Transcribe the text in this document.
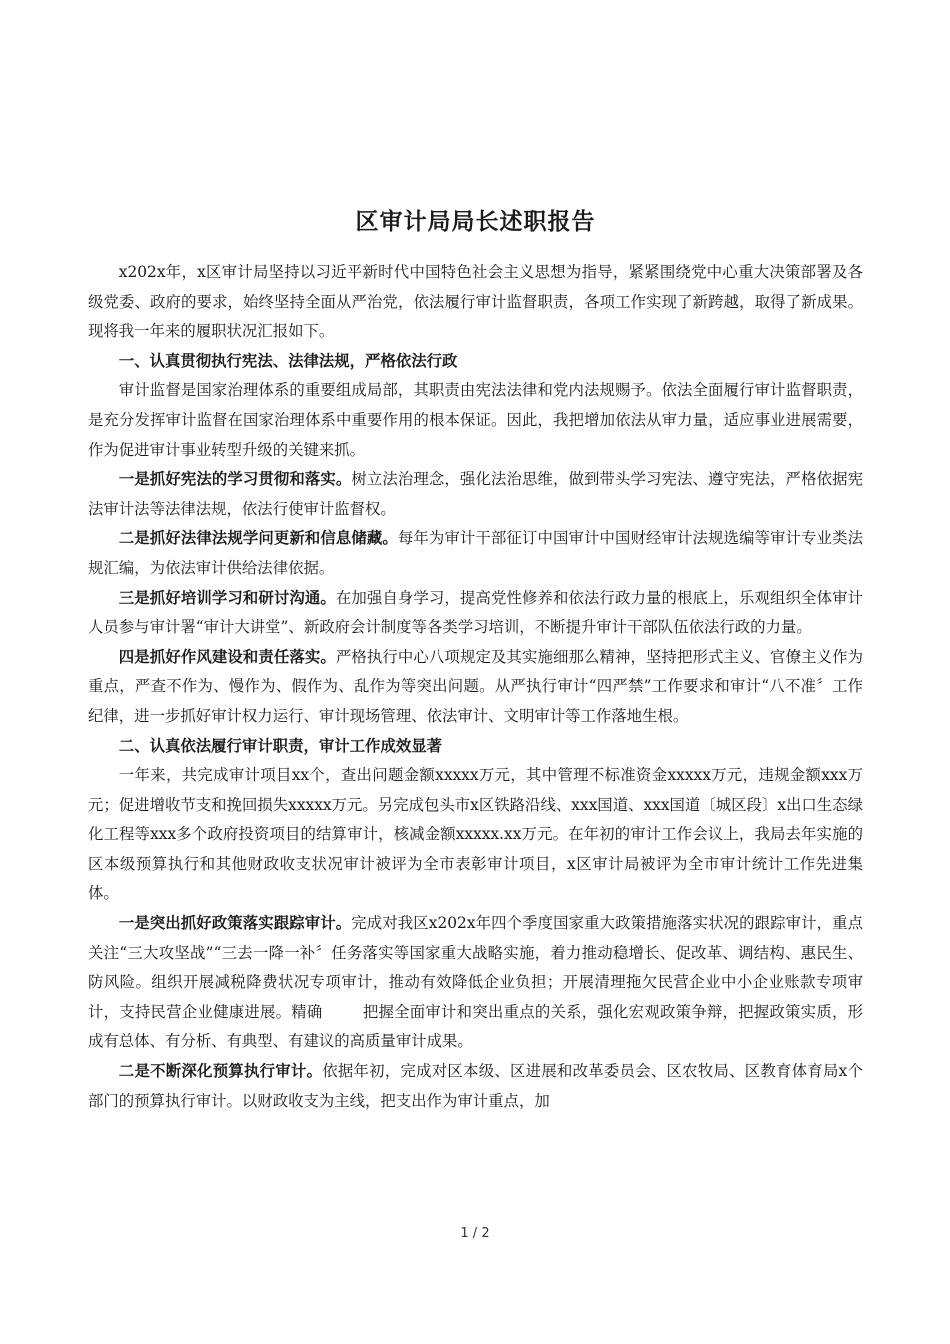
区审计局局长述职报告

x202x年，x区审计局坚持以习近平新时代中国特色社会主义思想为指导，紧紧围绕党中心重大决策部署及各级党委、政府的要求，始终坚持全面从严治党，依法履行审计监督职责，各项工作实现了新跨越，取得了新成果。现将我一年来的履职状况汇报如下。

一、认真贯彻执行宪法、法律法规，严格依法行政

审计监督是国家治理体系的重要组成局部，其职责由宪法法律和党内法规赐予。依法全面履行审计监督职责，是充分发挥审计监督在国家治理体系中重要作用的根本保证。因此，我把增加依法从审力量，适应事业进展需要，作为促进审计事业转型升级的关键来抓。

一是抓好宪法的学习贯彻和落实。树立法治理念，强化法治思维，做到带头学习宪法、遵守宪法，严格依据宪法审计法等法律法规，依法行使审计监督权。

二是抓好法律法规学问更新和信息储藏。每年为审计干部征订中国审计中国财经审计法规选编等审计专业类法规汇编，为依法审计供给法律依据。

三是抓好培训学习和研讨沟通。在加强自身学习，提高党性修养和依法行政力量的根底上，乐观组织全体审计人员参与审计署“审计大讲堂”、新政府会计制度等各类学习培训，不断提升审计干部队伍依法行政的力量。

四是抓好作风建设和责任落实。严格执行中心八项规定及其实施细那么精神，坚持把形式主义、官僚主义作为重点，严查不作为、慢作为、假作为、乱作为等突出问题。从严执行审计“四严禁”工作要求和审计“八不准〞工作纪律，进一步抓好审计权力运行、审计现场管理、依法审计、文明审计等工作落地生根。

二、认真依法履行审计职责，审计工作成效显著

一年来，共完成审计项目xx个，查出问题金额xxxxx万元，其中管理不标准资金xxxxx万元，违规金额xxx万元；促进增收节支和挽回损失xxxxx万元。另完成包头市x区铁路沿线、xxx国道、xxx国道〔城区段〕x出口生态绿化工程等xxx多个政府投资项目的结算审计，核减金额xxxxx.xx万元。在年初的审计工作会议上，我局去年实施的区本级预算执行和其他财政收支状况审计被评为全市表彰审计项目，x区审计局被评为全市审计统计工作先进集体。

一是突出抓好政策落实跟踪审计。完成对我区x202x年四个季度国家重大政策措施落实状况的跟踪审计，重点关注“三大攻坚战”“三去一降一补〞任务落实等国家重大战略实施，着力推动稳增长、促改革、调结构、惠民生、防风险。组织开展减税降费状况专项审计，推动有效降低企业负担；开展清理拖欠民营企业中小企业账款专项审计，支持民营企业健康进展。精确	把握全面审计和突出重点的关系，强化宏观政策争辩，把握政策实质，形成有总体、有分析、有典型、有建议的高质量审计成果。

二是不断深化预算执行审计。依据年初，完成对区本级、区进展和改革委员会、区农牧局、区教育体育局x个部门的预算执行审计。以财政收支为主线，把支出作为审计重点，加

1 / 2
